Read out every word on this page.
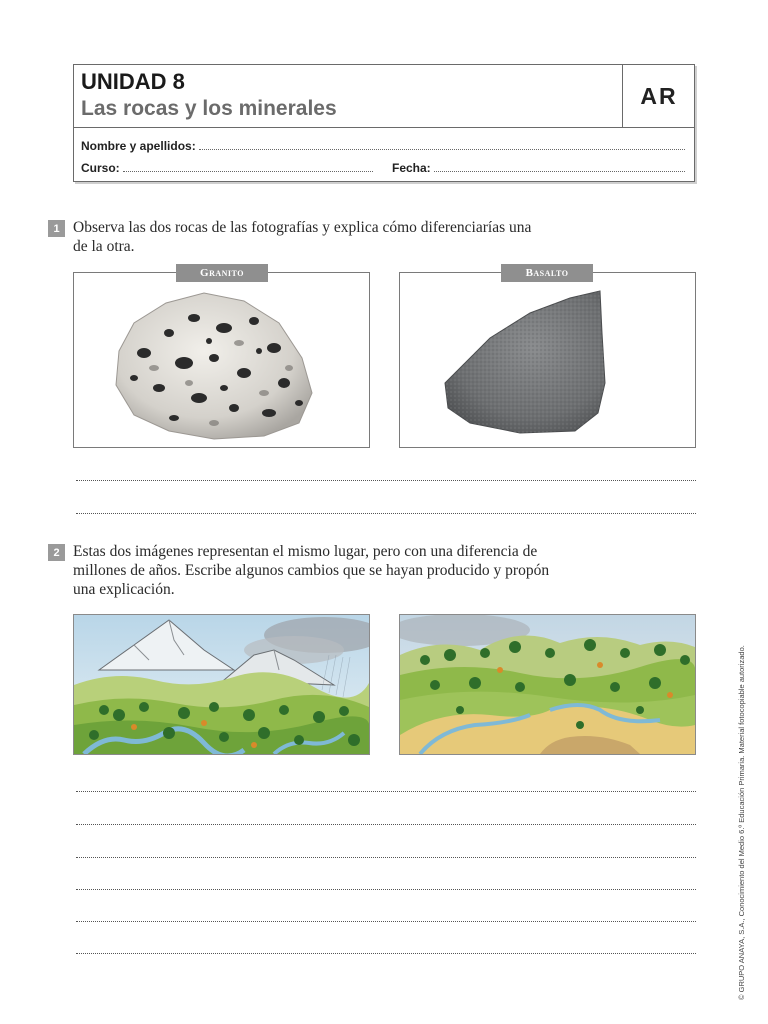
UNIDAD 8
Las rocas y los minerales	AR
Nombre y apellidos:
Curso:	Fecha:
1 Observa las dos rocas de las fotografías y explica cómo diferenciarías una
de la otra.
Granito	Basalto
2 Estas dos imágenes representan el mismo lugar, pero con una diferencia de
millones de años. Escribe algunos cambios que se hayan producido y propón
una explicación.
© GRUPO ANAYA, S.A., Conocimiento del Medio 6.º Educación Primaria. Material fotocopiable autorizado.
